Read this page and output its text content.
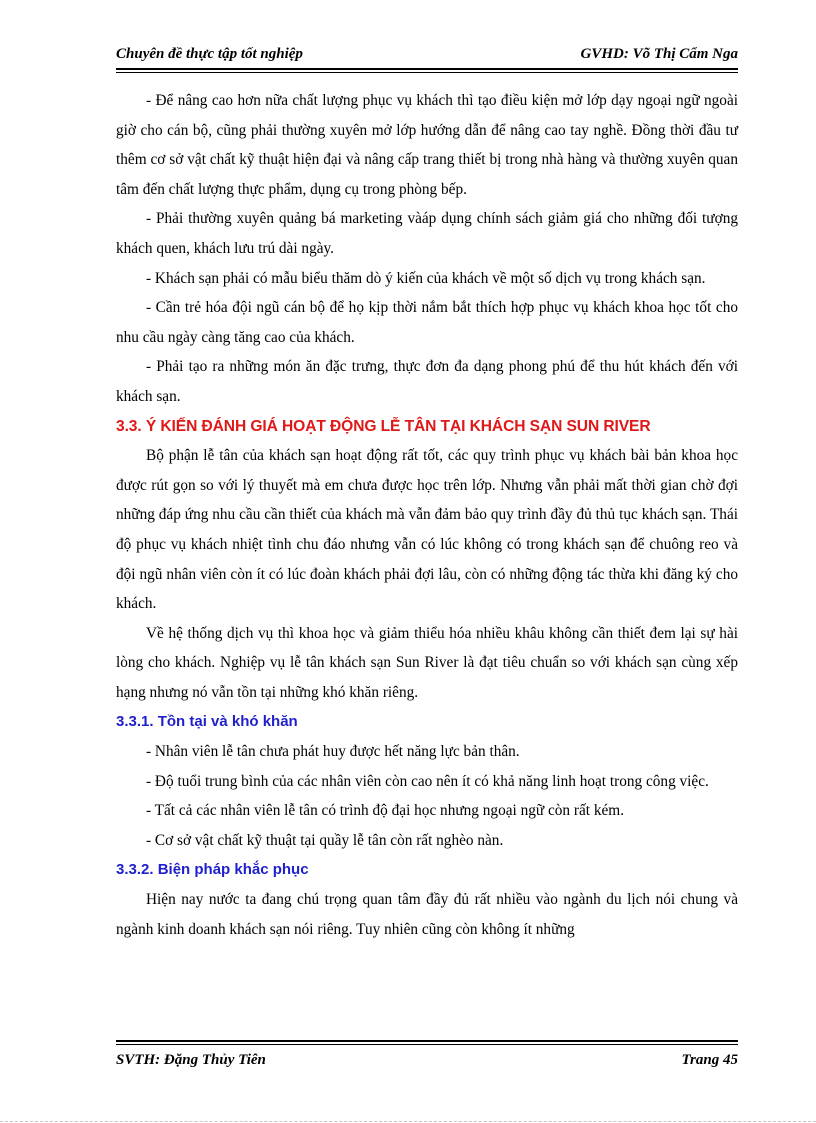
Chuyên đề thực tập tốt nghiệp	GVHD: Võ Thị Cẩm Nga

- Để nâng cao hơn nữa chất lượng phục vụ khách thì tạo điều kiện mở lớp dạy ngoại ngữ ngoài giờ cho cán bộ, cũng phải thường xuyên mở lớp hướng dẫn để nâng cao tay nghề. Đồng thời đầu tư thêm cơ sở vật chất kỹ thuật hiện đại và nâng cấp trang thiết bị trong nhà hàng và thường xuyên quan tâm đến chất lượng thực phẩm, dụng cụ trong phòng bếp.

- Phải thường xuyên quảng bá marketing vàáp dụng chính sách giảm giá cho những đối tượng khách quen, khách lưu trú dài ngày.

- Khách sạn phải có mẫu biểu thăm dò ý kiến của khách về một số dịch vụ trong khách sạn.

- Cần trẻ hóa đội ngũ cán bộ để họ kịp thời nắm bắt thích hợp phục vụ khách khoa học tốt cho nhu cầu ngày càng tăng cao của khách.

- Phải tạo ra những món ăn đặc trưng, thực đơn đa dạng phong phú để thu hút khách đến với khách sạn.

3.3. Ý KIẾN ĐÁNH GIÁ HOẠT ĐỘNG LỄ TÂN TẠI KHÁCH SẠN SUN RIVER

Bộ phận lễ tân của khách sạn hoạt động rất tốt, các quy trình phục vụ khách bài bản khoa học được rút gọn so với lý thuyết mà em chưa được học trên lớp. Nhưng vẫn phải mất thời gian chờ đợi những đáp ứng nhu cầu cần thiết của khách mà vẫn đảm bảo quy trình đầy đủ thủ tục khách sạn. Thái độ phục vụ khách nhiệt tình chu đáo nhưng vẫn có lúc không có trong khách sạn để chuông reo và đội ngũ nhân viên còn ít có lúc đoàn khách phải đợi lâu, còn có những động tác thừa khi đăng ký cho khách.

Về hệ thống dịch vụ thì khoa học và giảm thiểu hóa nhiều khâu không cần thiết đem lại sự hài lòng cho khách. Nghiệp vụ lễ tân khách sạn Sun River là đạt tiêu chuẩn so với khách sạn cùng xếp hạng nhưng nó vẫn tồn tại những khó khăn riêng.

3.3.1. Tồn tại và khó khăn

- Nhân viên lễ tân chưa phát huy được hết năng lực bản thân.

- Độ tuổi trung bình của các nhân viên còn cao nên ít có khả năng linh hoạt trong công việc.

- Tất cả các nhân viên lễ tân có trình độ đại học nhưng ngoại ngữ còn rất kém.

- Cơ sở vật chất kỹ thuật tại quầy lễ tân còn rất nghèo nàn.

3.3.2. Biện pháp khắc phục

Hiện nay nước ta đang chú trọng quan tâm đầy đủ rất nhiều vào ngành du lịch nói chung và ngành kinh doanh khách sạn nói riêng. Tuy nhiên cũng còn không ít những

SVTH: Đặng Thủy Tiên	Trang 45
